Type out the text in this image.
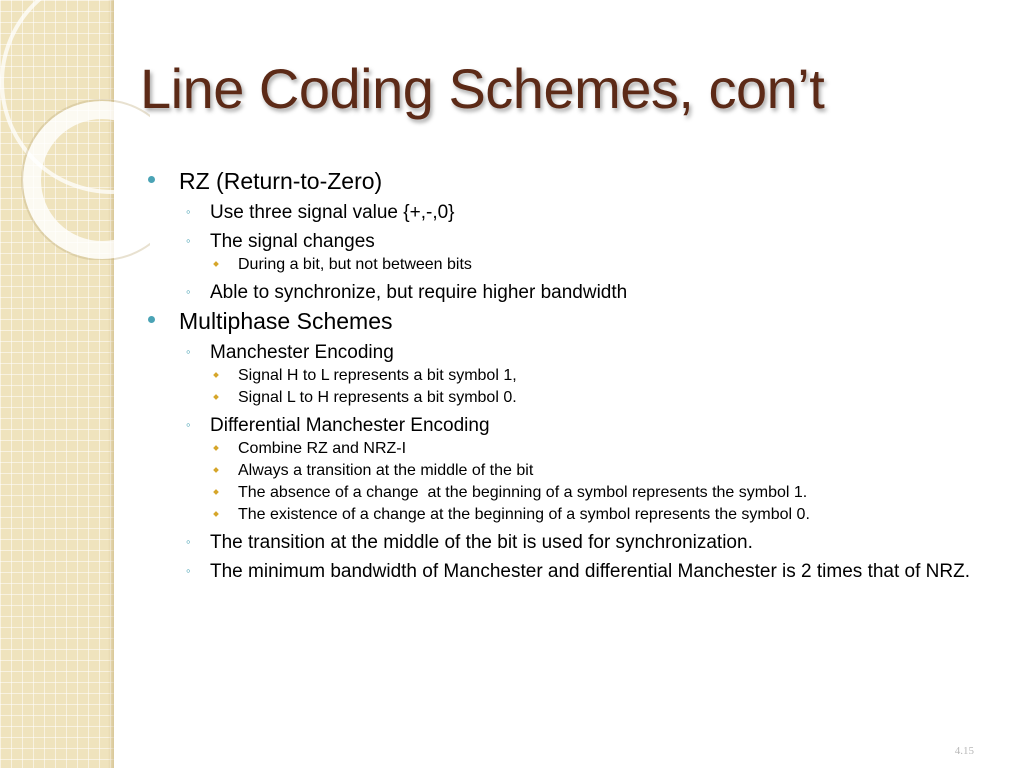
Line Coding Schemes, con’t
RZ (Return-to-Zero)
◦ Use three signal value {+,-,0}
◦ The signal changes
During a bit, but not between bits
◦ Able to synchronize, but require higher bandwidth
Multiphase Schemes
◦ Manchester Encoding
Signal H to L represents a bit symbol 1,
Signal L to H represents a bit symbol 0.
◦ Differential Manchester Encoding
Combine RZ and NRZ-I
Always a transition at the middle of the bit
The absence of a change  at the beginning of a symbol represents the symbol 1.
The existence of a change at the beginning of a symbol represents the symbol 0.
◦ The transition at the middle of the bit is used for synchronization.
◦ The minimum bandwidth of Manchester and differential Manchester is 2 times that of NRZ.
4.15
